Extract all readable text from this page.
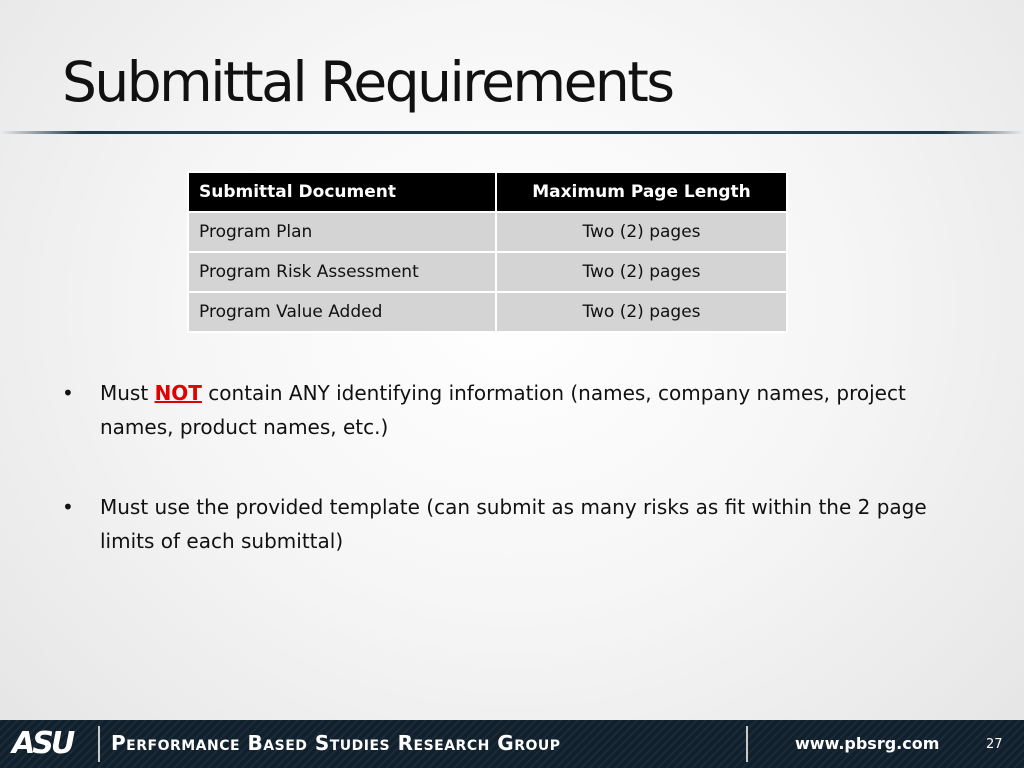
Submittal Requirements
Submittal Document	Maximum Page Length
Program Plan	Two (2) pages
Program Risk Assessment	Two (2) pages
Program Value Added	Two (2) pages
• Must NOT contain ANY identifying information (names, company names, project names, product names, etc.)
• Must use the provided template (can submit as many risks as fit within the 2 page limits of each submittal)
ASU Performance Based Studies Research Group	www.pbsrg.com	27
